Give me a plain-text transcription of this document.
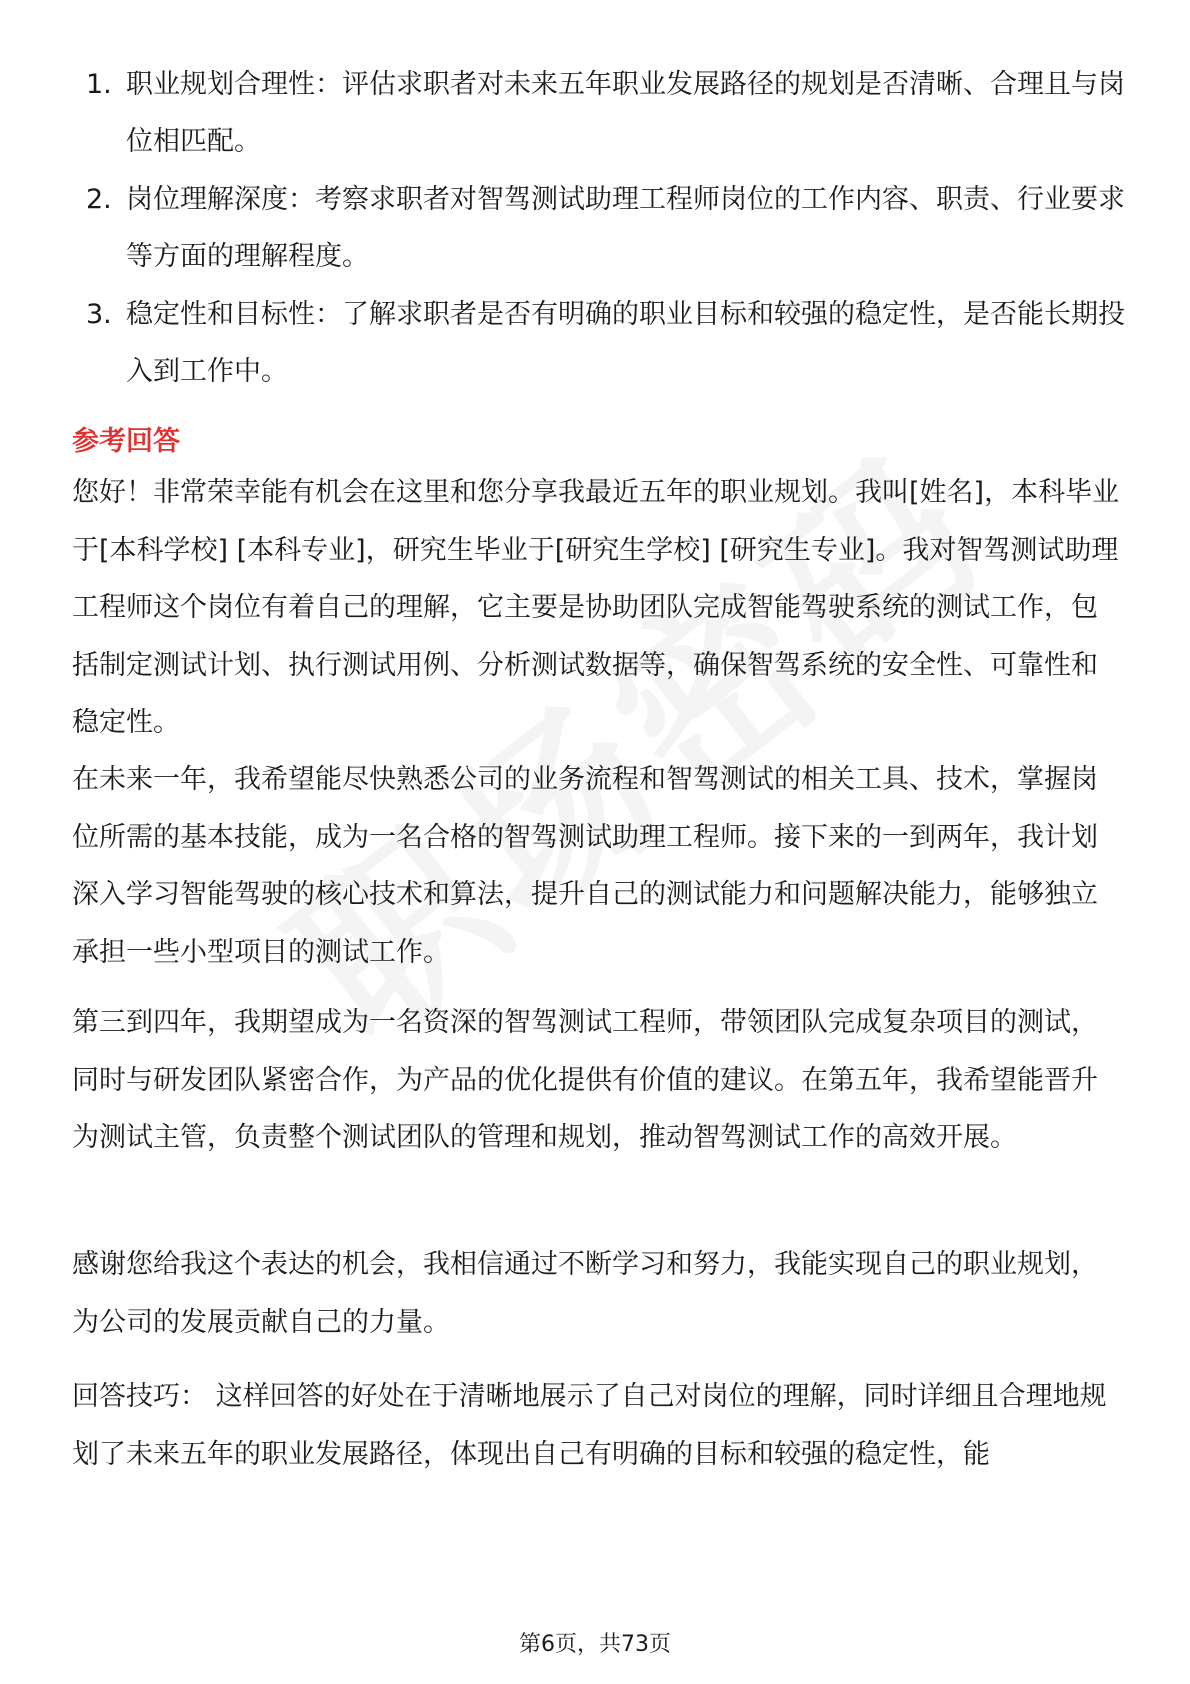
1. 职业规划合理性：评估求职者对未来五年职业发展路径的规划是否清晰、合理且与岗位相匹配。
2. 岗位理解深度：考察求职者对智驾测试助理工程师岗位的工作内容、职责、行业要求等方面的理解程度。
3. 稳定性和目标性：了解求职者是否有明确的职业目标和较强的稳定性，是否能长期投入到工作中。
参考回答

您好！非常荣幸能有机会在这里和您分享我最近五年的职业规划。我叫[姓名]，本科毕业于[本科学校] [本科专业]，研究生毕业于[研究生学校] [研究生专业]。我对智驾测试助理工程师这个岗位有着自己的理解，它主要是协助团队完成智能驾驶系统的测试工作，包括制定测试计划、执行测试用例、分析测试数据等，确保智驾系统的安全性、可靠性和稳定性。

在未来一年，我希望能尽快熟悉公司的业务流程和智驾测试的相关工具、技术，掌握岗位所需的基本技能，成为一名合格的智驾测试助理工程师。接下来的一到两年，我计划深入学习智能驾驶的核心技术和算法，提升自己的测试能力和问题解决能力，能够独立承担一些小型项目的测试工作。

第三到四年，我期望成为一名资深的智驾测试工程师，带领团队完成复杂项目的测试，同时与研发团队紧密合作，为产品的优化提供有价值的建议。在第五年，我希望能晋升为测试主管，负责整个测试团队的管理和规划，推动智驾测试工作的高效开展。

感谢您给我这个表达的机会，我相信通过不断学习和努力，我能实现自己的职业规划，为公司的发展贡献自己的力量。

回答技巧： 这样回答的好处在于清晰地展示了自己对岗位的理解，同时详细且合理地规划了未来五年的职业发展路径，体现出自己有明确的目标和较强的稳定性，能

第6页，共73页
